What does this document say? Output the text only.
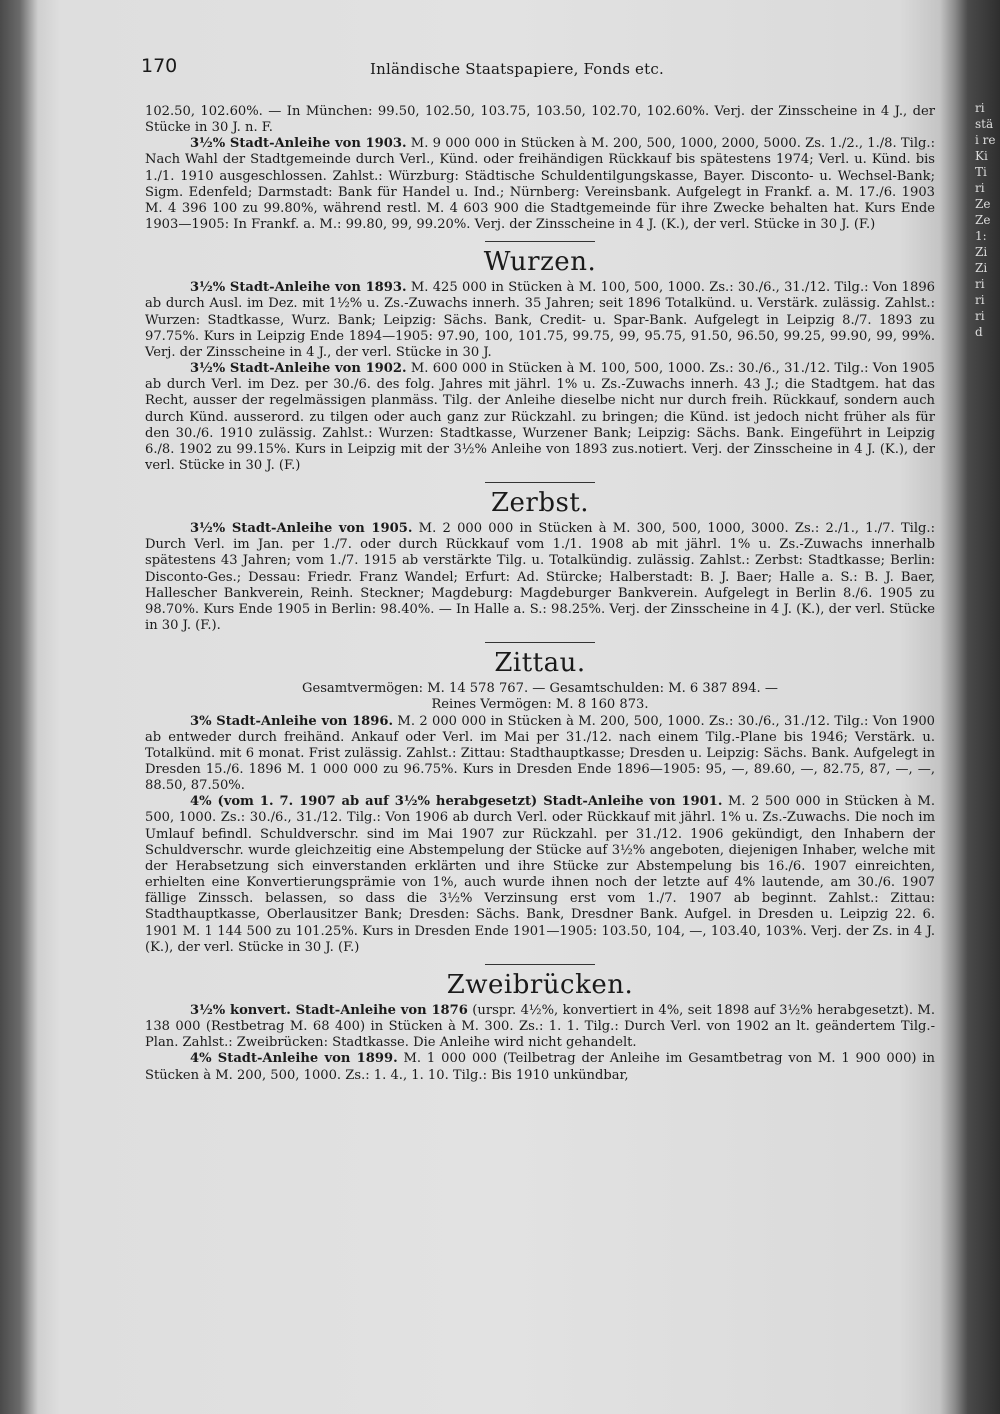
170	Inländische Staatspapiere, Fonds etc.

102.50, 102.60%. — In München: 99.50, 102.50, 103.75, 103.50, 102.70, 102.60%. Verj. der Zinsscheine in 4 J., der Stücke in 30 J. n. F.

3½% Stadt-Anleihe von 1903. M. 9 000 000 in Stücken à M. 200, 500, 1000, 2000, 5000. Zs. 1./2., 1./8. Tilg.: Nach Wahl der Stadtgemeinde durch Verl., Künd. oder freihändigen Rückkauf bis spätestens 1974; Verl. u. Künd. bis 1./1. 1910 ausgeschlossen. Zahlst.: Würzburg: Städtische Schuldentilgungskasse, Bayer. Disconto- u. Wechsel-Bank; Sigm. Edenfeld; Darmstadt: Bank für Handel u. Ind.; Nürnberg: Vereinsbank. Aufgelegt in Frankf. a. M. 17./6. 1903 M. 4 396 100 zu 99.80%, während restl. M. 4 603 900 die Stadtgemeinde für ihre Zwecke behalten hat. Kurs Ende 1903—1905: In Frankf. a. M.: 99.80, 99, 99.20%. Verj. der Zinsscheine in 4 J. (K.), der verl. Stücke in 30 J. (F.)

Wurzen.

3½% Stadt-Anleihe von 1893. M. 425 000 in Stücken à M. 100, 500, 1000. Zs.: 30./6., 31./12. Tilg.: Von 1896 ab durch Ausl. im Dez. mit 1½% u. Zs.-Zuwachs innerh. 35 Jahren; seit 1896 Totalkünd. u. Verstärk. zulässig. Zahlst.: Wurzen: Stadtkasse, Wurz. Bank; Leipzig: Sächs. Bank, Credit- u. Spar-Bank. Aufgelegt in Leipzig 8./7. 1893 zu 97.75%. Kurs in Leipzig Ende 1894—1905: 97.90, 100, 101.75, 99.75, 99, 95.75, 91.50, 96.50, 99.25, 99.90, 99, 99%. Verj. der Zinsscheine in 4 J., der verl. Stücke in 30 J.

3½% Stadt-Anleihe von 1902. M. 600 000 in Stücken à M. 100, 500, 1000. Zs.: 30./6., 31./12. Tilg.: Von 1905 ab durch Verl. im Dez. per 30./6. des folg. Jahres mit jährl. 1% u. Zs.-Zuwachs innerh. 43 J.; die Stadtgem. hat das Recht, ausser der regelmässigen planmäss. Tilg. der Anleihe dieselbe nicht nur durch freih. Rückkauf, sondern auch durch Künd. ausserord. zu tilgen oder auch ganz zur Rückzahl. zu bringen; die Künd. ist jedoch nicht früher als für den 30./6. 1910 zulässig. Zahlst.: Wurzen: Stadtkasse, Wurzener Bank; Leipzig: Sächs. Bank. Eingeführt in Leipzig 6./8. 1902 zu 99.15%. Kurs in Leipzig mit der 3½% Anleihe von 1893 zus.notiert. Verj. der Zinsscheine in 4 J. (K.), der verl. Stücke in 30 J. (F.)

Zerbst.

3½% Stadt-Anleihe von 1905. M. 2 000 000 in Stücken à M. 300, 500, 1000, 3000. Zs.: 2./1., 1./7. Tilg.: Durch Verl. im Jan. per 1./7. oder durch Rückkauf vom 1./1. 1908 ab mit jährl. 1% u. Zs.-Zuwachs innerhalb spätestens 43 Jahren; vom 1./7. 1915 ab verstärkte Tilg. u. Totalkündig. zulässig. Zahlst.: Zerbst: Stadtkasse; Berlin: Disconto-Ges.; Dessau: Friedr. Franz Wandel; Erfurt: Ad. Stürcke; Halberstadt: B. J. Baer; Halle a. S.: B. J. Baer, Hallescher Bankverein, Reinh. Steckner; Magdeburg: Magdeburger Bankverein. Aufgelegt in Berlin 8./6. 1905 zu 98.70%. Kurs Ende 1905 in Berlin: 98.40%. — In Halle a. S.: 98.25%. Verj. der Zinsscheine in 4 J. (K.), der verl. Stücke in 30 J. (F.).

Zittau.

Gesamtvermögen: M. 14 578 767. — Gesamtschulden: M. 6 387 894. —

Reines Vermögen: M. 8 160 873.

3% Stadt-Anleihe von 1896. M. 2 000 000 in Stücken à M. 200, 500, 1000. Zs.: 30./6., 31./12. Tilg.: Von 1900 ab entweder durch freihänd. Ankauf oder Verl. im Mai per 31./12. nach einem Tilg.-Plane bis 1946; Verstärk. u. Totalkünd. mit 6 monat. Frist zulässig. Zahlst.: Zittau: Stadthauptkasse; Dresden u. Leipzig: Sächs. Bank. Aufgelegt in Dresden 15./6. 1896 M. 1 000 000 zu 96.75%. Kurs in Dresden Ende 1896—1905: 95, —, 89.60, —, 82.75, 87, —, —, 88.50, 87.50%.

4% (vom 1. 7. 1907 ab auf 3½% herabgesetzt) Stadt-Anleihe von 1901. M. 2 500 000 in Stücken à M. 500, 1000. Zs.: 30./6., 31./12. Tilg.: Von 1906 ab durch Verl. oder Rückkauf mit jährl. 1% u. Zs.-Zuwachs. Die noch im Umlauf befindl. Schuldverschr. sind im Mai 1907 zur Rückzahl. per 31./12. 1906 gekündigt, den Inhabern der Schuldverschr. wurde gleichzeitig eine Abstempelung der Stücke auf 3½% angeboten, diejenigen Inhaber, welche mit der Herabsetzung sich einverstanden erklärten und ihre Stücke zur Abstempelung bis 16./6. 1907 einreichten, erhielten eine Konvertierungsprämie von 1%, auch wurde ihnen noch der letzte auf 4% lautende, am 30./6. 1907 fällige Zinssch. belassen, so dass die 3½% Verzinsung erst vom 1./7. 1907 ab beginnt. Zahlst.: Zittau: Stadthauptkasse, Oberlausitzer Bank; Dresden: Sächs. Bank, Dresdner Bank. Aufgel. in Dresden u. Leipzig 22. 6. 1901 M. 1 144 500 zu 101.25%. Kurs in Dresden Ende 1901—1905: 103.50, 104, —, 103.40, 103%. Verj. der Zs. in 4 J. (K.), der verl. Stücke in 30 J. (F.)

Zweibrücken.

3½% konvert. Stadt-Anleihe von 1876 (urspr. 4½%, konvertiert in 4%, seit 1898 auf 3½% herabgesetzt). M. 138 000 (Restbetrag M. 68 400) in Stücken à M. 300. Zs.: 1. 1. Tilg.: Durch Verl. von 1902 an lt. geändertem Tilg.-Plan. Zahlst.: Zweibrücken: Stadtkasse. Die Anleihe wird nicht gehandelt.

4% Stadt-Anleihe von 1899. M. 1 000 000 (Teilbetrag der Anleihe im Gesamtbetrag von M. 1 900 000) in Stücken à M. 200, 500, 1000. Zs.: 1. 4., 1. 10. Tilg.: Bis 1910 unkündbar,

ri
stä
i re
Ki
Ti
ri
Ze
Ze
1:
Zi
Zi
ri
ri
ri
d
